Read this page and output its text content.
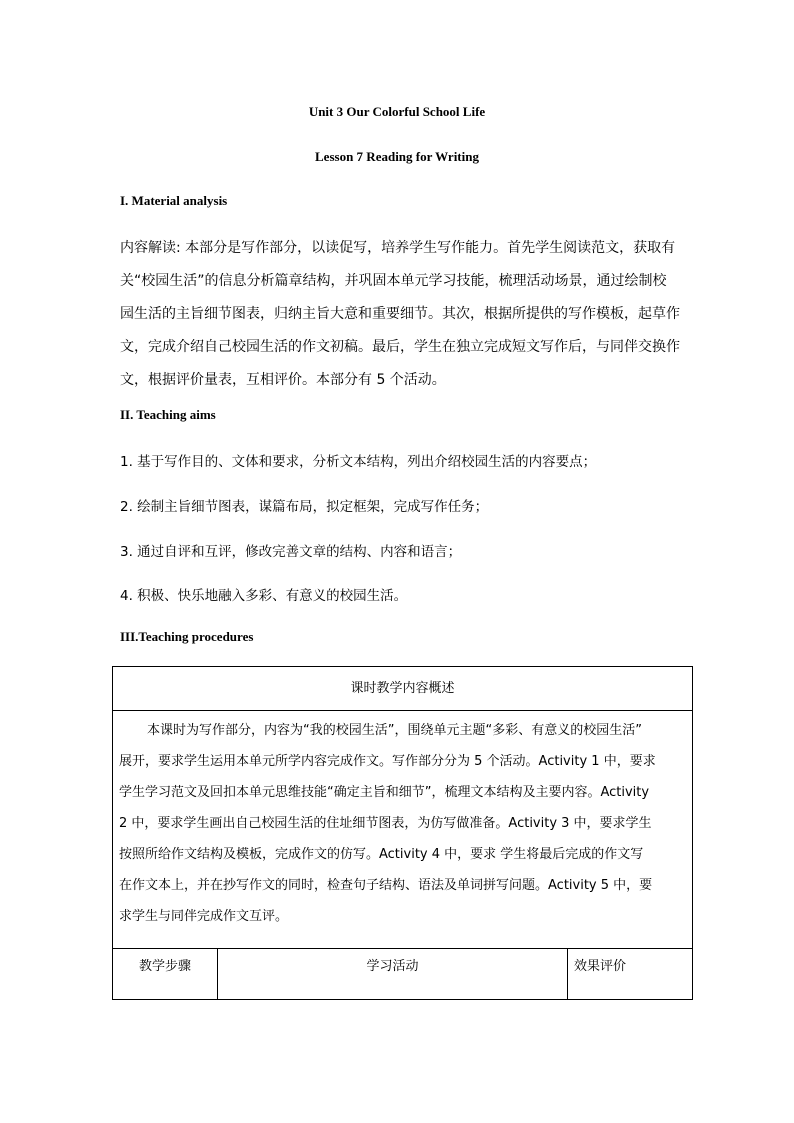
Unit 3 Our Colorful School Life
Lesson 7 Reading for Writing
I. Material analysis
内容解读: 本部分是写作部分，以读促写，培养学生写作能力。首先学生阅读范文，获取有
关“校园生活”的信息分析篇章结构，并巩固本单元学习技能，梳理活动场景，通过绘制校
园生活的主旨细节图表，归纳主旨大意和重要细节。其次，根据所提供的写作模板，起草作
文，完成介绍自己校园生活的作文初稿。最后，学生在独立完成短文写作后，与同伴交换作
文，根据评价量表，互相评价。本部分有 5 个活动。
II. Teaching aims
1. 基于写作目的、文体和要求，分析文本结构，列出介绍校园生活的内容要点；
2. 绘制主旨细节图表，谋篇布局，拟定框架，完成写作任务；
3. 通过自评和互评，修改完善文章的结构、内容和语言；
4. 积极、快乐地融入多彩、有意义的校园生活。
III.Teaching procedures
课时教学内容概述

本课时为写作部分，内容为“我的校园生活”，围绕单元主题“多彩、有意义的校园生活”
展开，要求学生运用本单元所学内容完成作文。写作部分分为 5 个活动。Activity 1 中，要求
学生学习范文及回扣本单元思维技能“确定主旨和细节”，梳理文本结构及主要内容。Activity
2 中，要求学生画出自己校园生活的住址细节图表，为仿写做准备。Activity 3 中，要求学生
按照所给作文结构及模板，完成作文的仿写。Activity 4 中，要求 学生将最后完成的作文写
在作文本上，并在抄写作文的同时，检查句子结构、语法及单词拼写问题。Activity 5 中，要
求学生与同伴完成作文互评。

教学步骤	学习活动	效果评价
